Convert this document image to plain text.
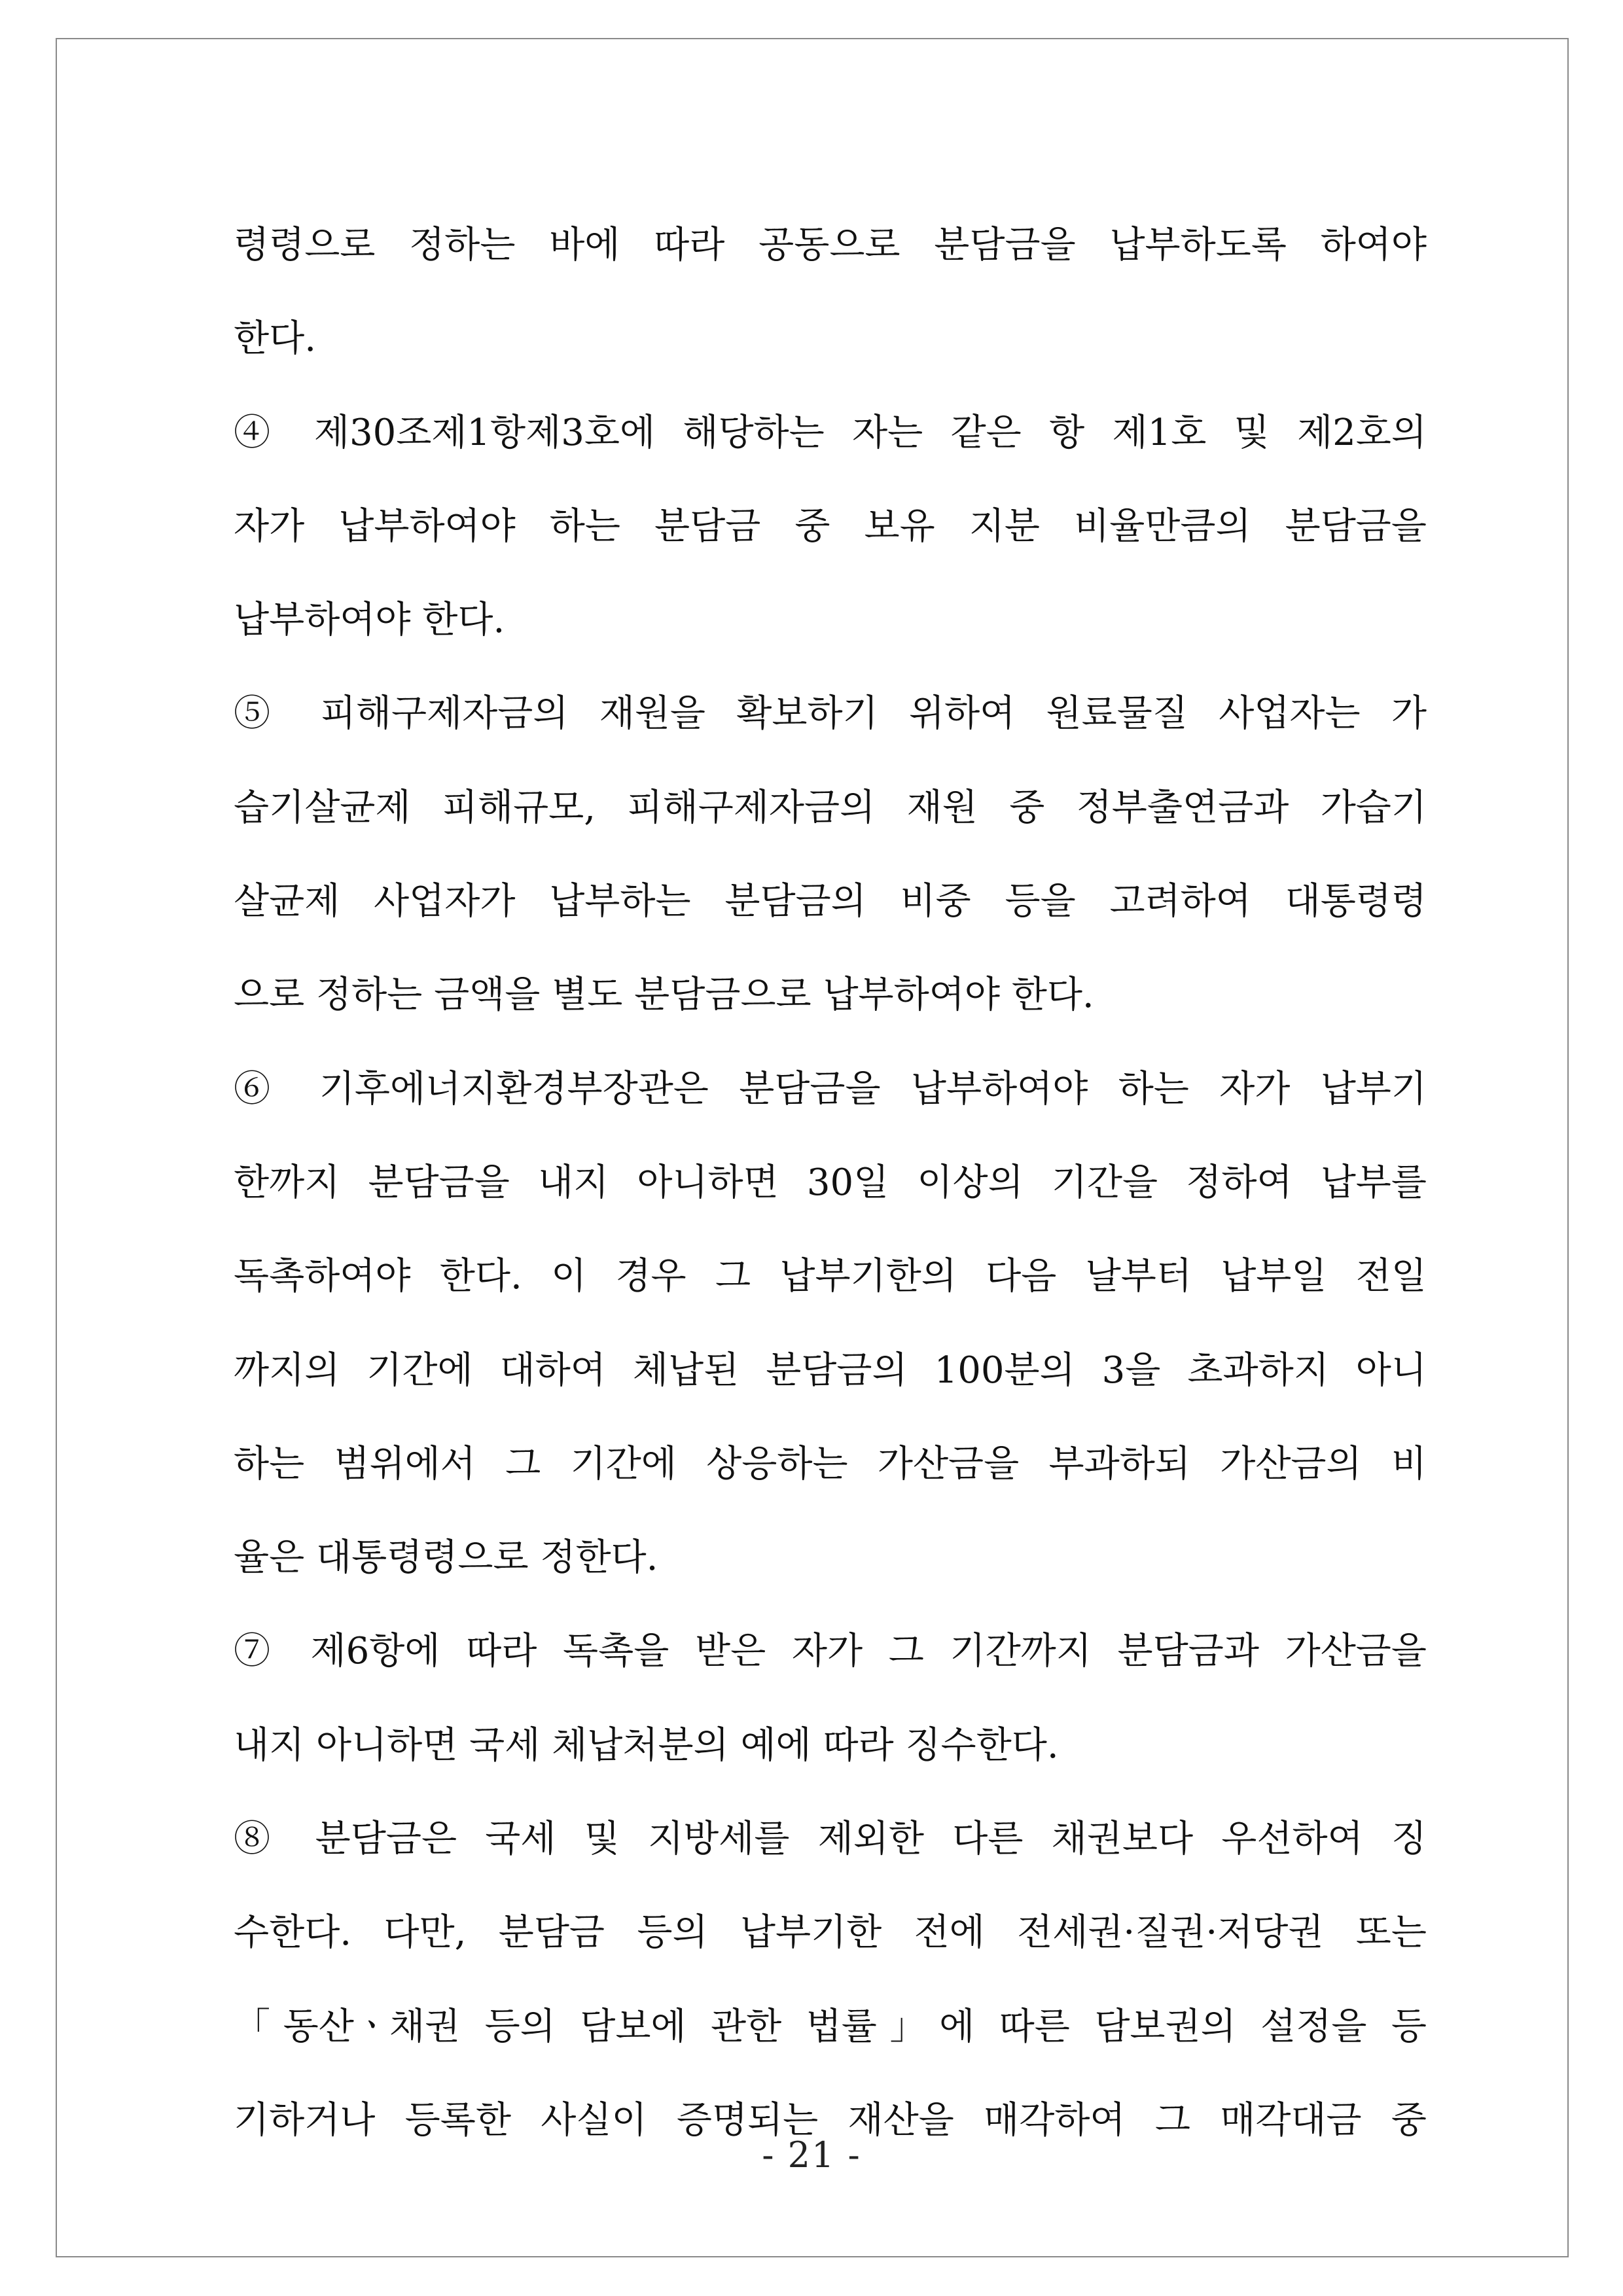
령령으로 정하는 바에 따라 공동으로 분담금을 납부하도록 하여야
한다.
④ 제30조제1항제3호에 해당하는 자는 같은 항 제1호 및 제2호의
자가 납부하여야 하는 분담금 중 보유 지분 비율만큼의 분담금을
납부하여야 한다.
⑤ 피해구제자금의 재원을 확보하기 위하여 원료물질 사업자는 가
습기살균제 피해규모, 피해구제자금의 재원 중 정부출연금과 가습기
살균제 사업자가 납부하는 분담금의 비중 등을 고려하여 대통령령
으로 정하는 금액을 별도 분담금으로 납부하여야 한다.
⑥ 기후에너지환경부장관은 분담금을 납부하여야 하는 자가 납부기
한까지 분담금을 내지 아니하면 30일 이상의 기간을 정하여 납부를
독촉하여야 한다. 이 경우 그 납부기한의 다음 날부터 납부일 전일
까지의 기간에 대하여 체납된 분담금의 100분의 3을 초과하지 아니
하는 범위에서 그 기간에 상응하는 가산금을 부과하되 가산금의 비
율은 대통령령으로 정한다.
⑦ 제6항에 따라 독촉을 받은 자가 그 기간까지 분담금과 가산금을
내지 아니하면 국세 체납처분의 예에 따라 징수한다.
⑧ 분담금은 국세 및 지방세를 제외한 다른 채권보다 우선하여 징
수한다. 다만, 분담금 등의 납부기한 전에 전세권·질권·저당권 또는
「동산ㆍ채권 등의 담보에 관한 법률」에 따른 담보권의 설정을 등
기하거나 등록한 사실이 증명되는 재산을 매각하여 그 매각대금 중
- 21 -
